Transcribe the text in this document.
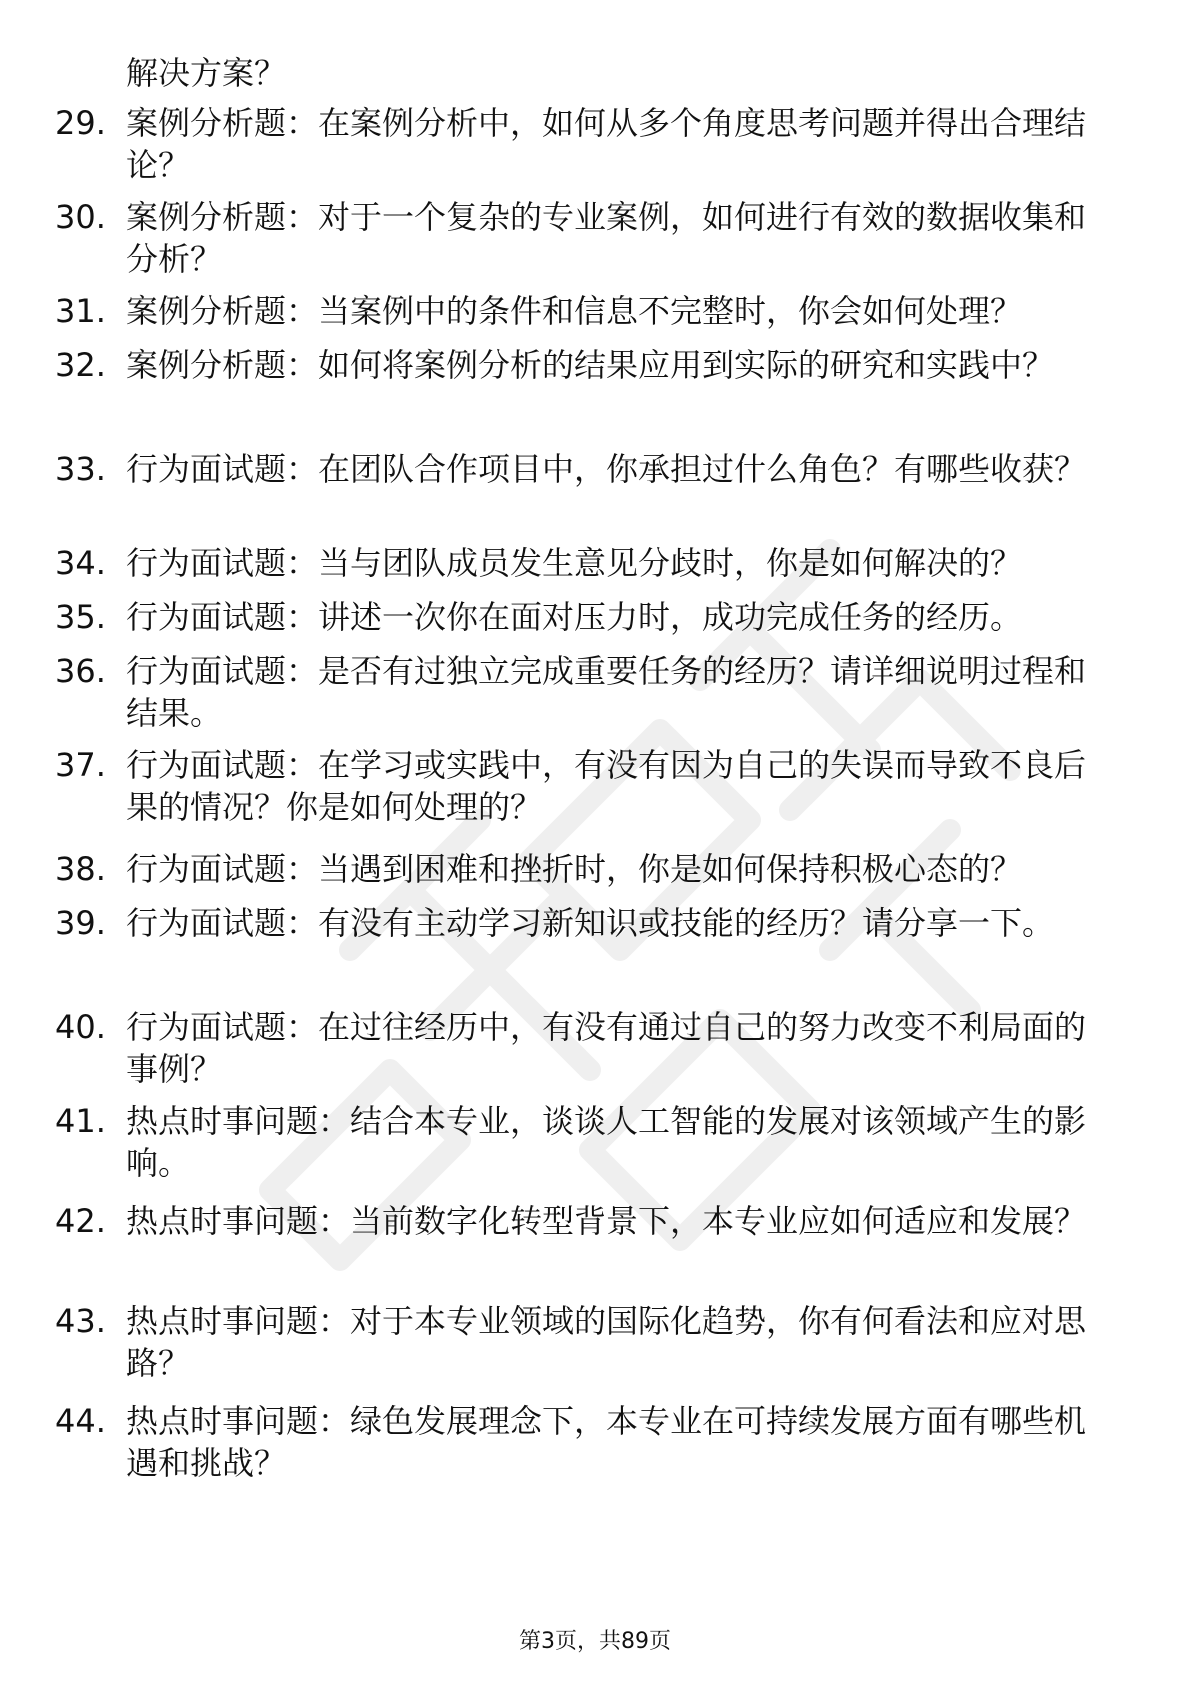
解决方案？
29. 案例分析题：在案例分析中，如何从多个角度思考问题并得出合理结论？
30. 案例分析题：对于一个复杂的专业案例，如何进行有效的数据收集和分析？
31. 案例分析题：当案例中的条件和信息不完整时，你会如何处理？
32. 案例分析题：如何将案例分析的结果应用到实际的研究和实践中？
33. 行为面试题：在团队合作项目中，你承担过什么角色？有哪些收获？
34. 行为面试题：当与团队成员发生意见分歧时，你是如何解决的？
35. 行为面试题：讲述一次你在面对压力时，成功完成任务的经历。
36. 行为面试题：是否有过独立完成重要任务的经历？请详细说明过程和结果。
37. 行为面试题：在学习或实践中，有没有因为自己的失误而导致不良后果的情况？你是如何处理的？
38. 行为面试题：当遇到困难和挫折时，你是如何保持积极心态的？
39. 行为面试题：有没有主动学习新知识或技能的经历？请分享一下。
40. 行为面试题：在过往经历中，有没有通过自己的努力改变不利局面的事例？
41. 热点时事问题：结合本专业，谈谈人工智能的发展对该领域产生的影响。
42. 热点时事问题：当前数字化转型背景下，本专业应如何适应和发展？
43. 热点时事问题：对于本专业领域的国际化趋势，你有何看法和应对思路？
44. 热点时事问题：绿色发展理念下，本专业在可持续发展方面有哪些机遇和挑战？
第3页，共89页
